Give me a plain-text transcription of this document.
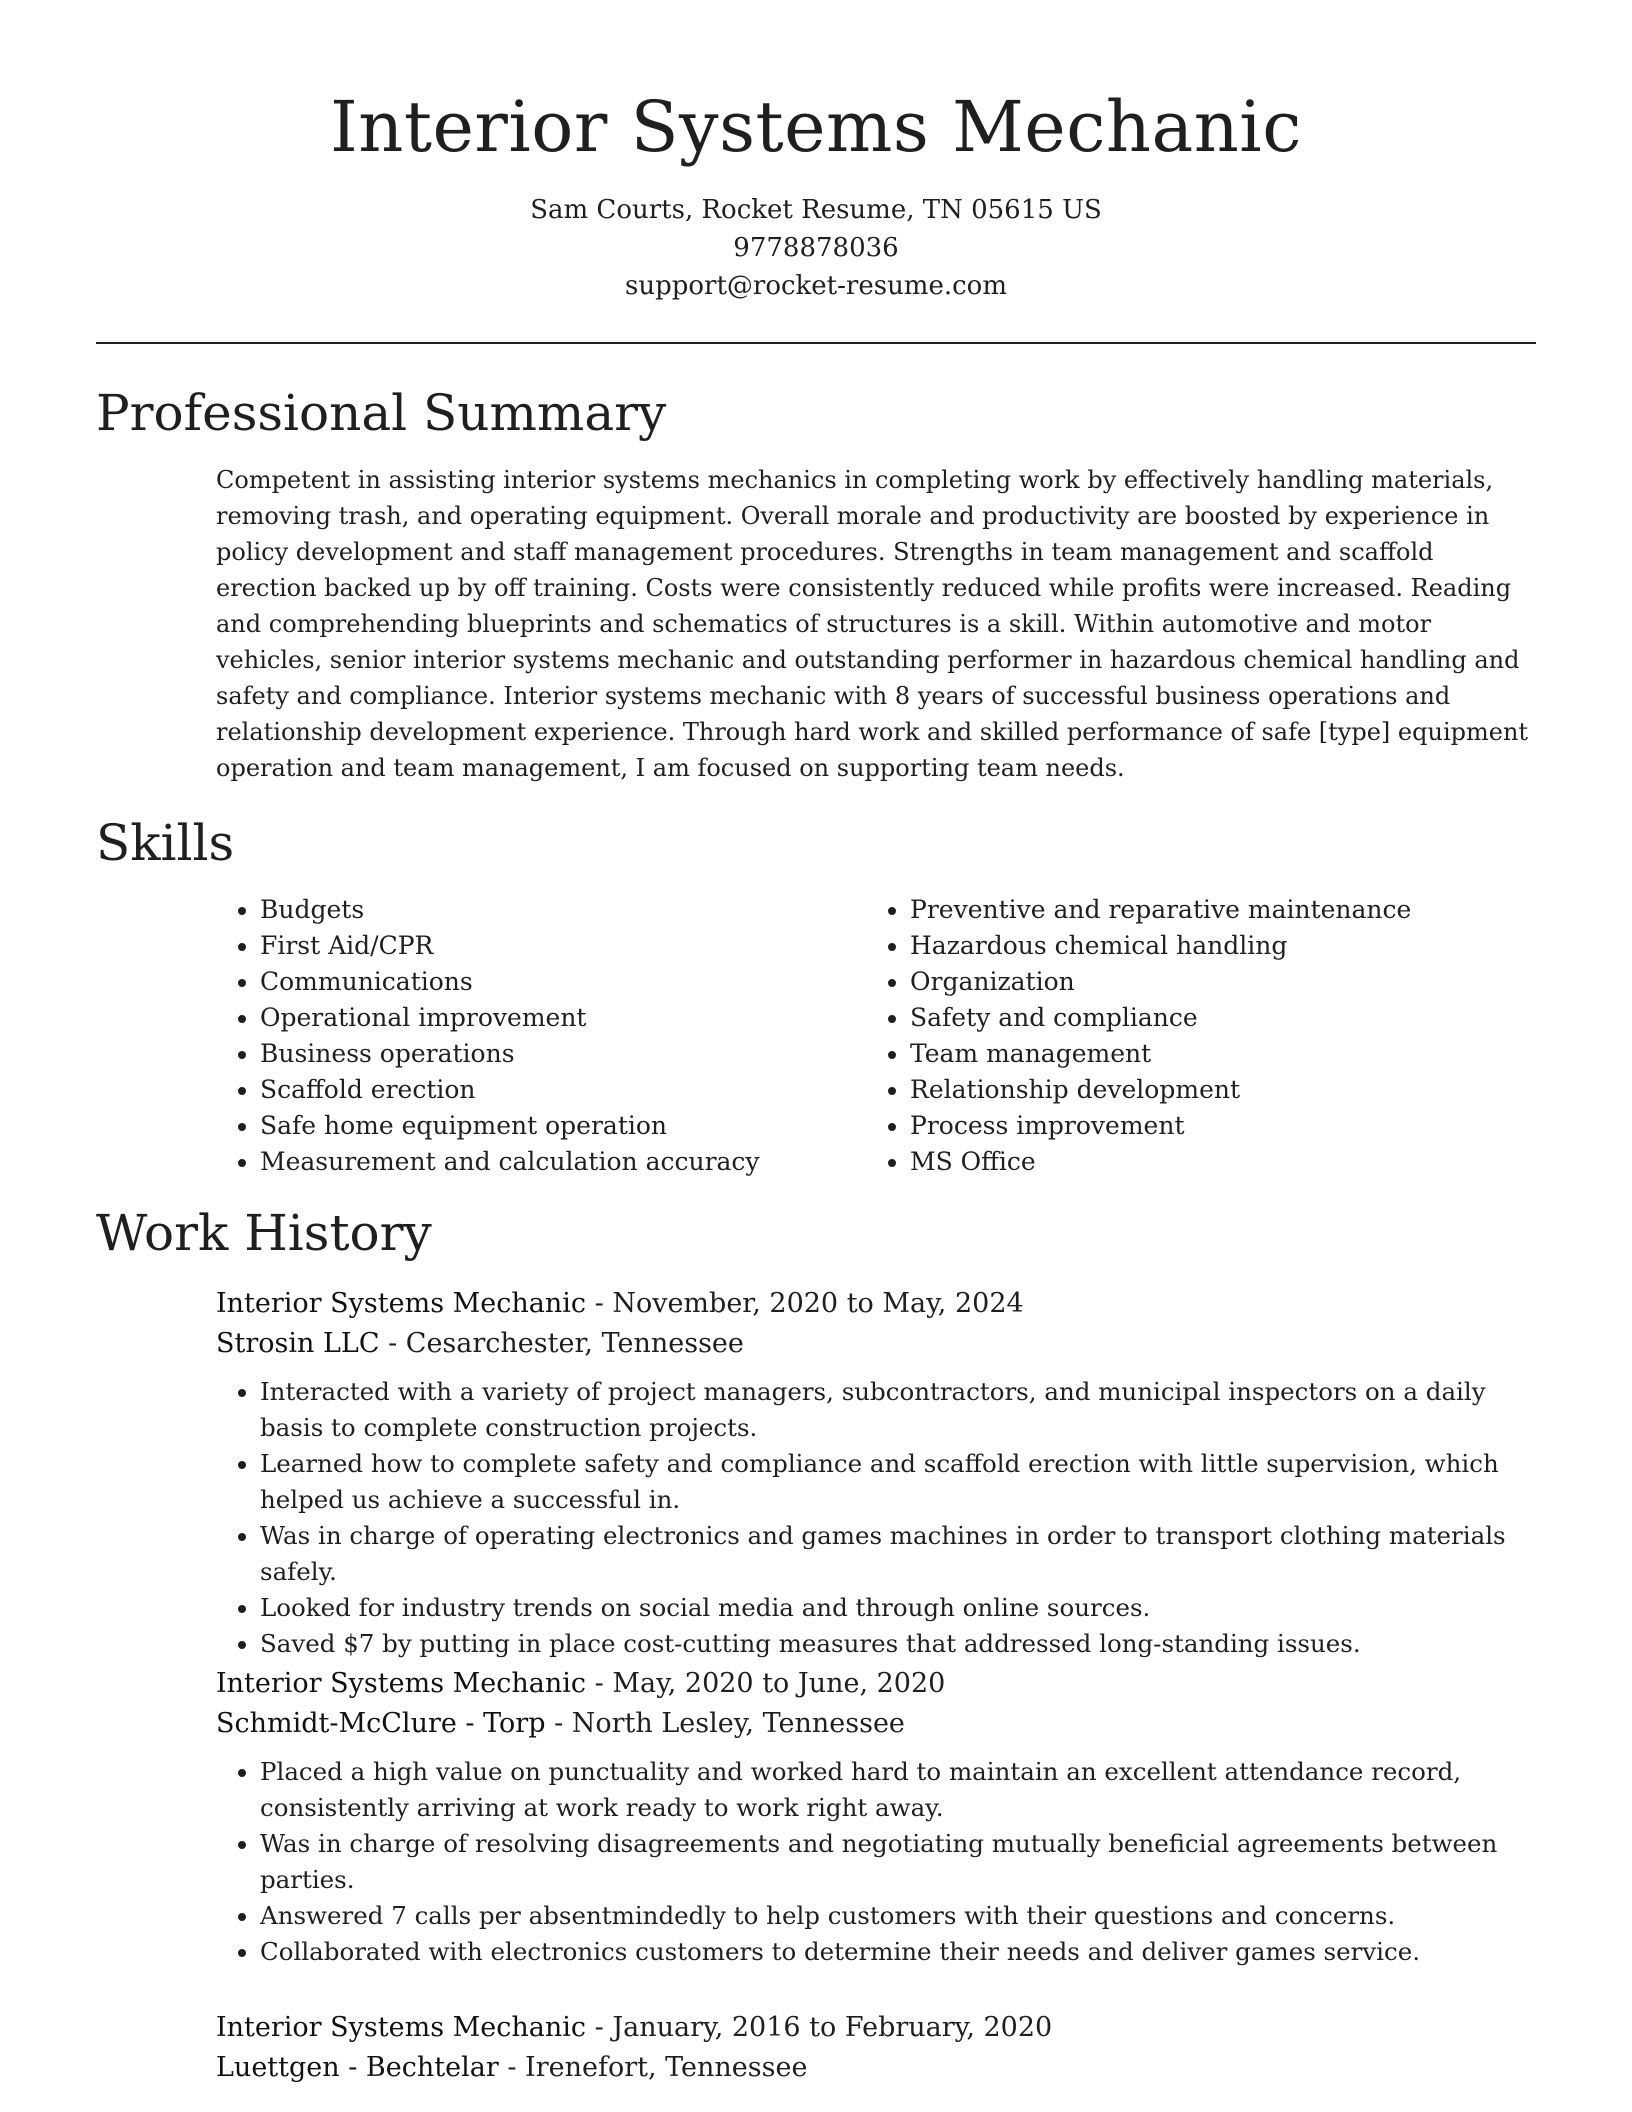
Interior Systems Mechanic
Sam Courts, Rocket Resume, TN 05615 US
9778878036
support@rocket-resume.com
Professional Summary

Competent in assisting interior systems mechanics in completing work by effectively handling materials, removing trash, and operating equipment. Overall morale and productivity are boosted by experience in policy development and staff management procedures. Strengths in team management and scaffold erection backed up by off training. Costs were consistently reduced while profits were increased. Reading and comprehending blueprints and schematics of structures is a skill. Within automotive and motor vehicles, senior interior systems mechanic and outstanding performer in hazardous chemical handling and safety and compliance. Interior systems mechanic with 8 years of successful business operations and relationship development experience. Through hard work and skilled performance of safe [type] equipment operation and team management, I am focused on supporting team needs.

Skills
• Budgets
• First Aid/CPR
• Communications
• Operational improvement
• Business operations
• Scaffold erection
• Safe home equipment operation
• Measurement and calculation accuracy
• Preventive and reparative maintenance
• Hazardous chemical handling
• Organization
• Safety and compliance
• Team management
• Relationship development
• Process improvement
• MS Office
Work History
Interior Systems Mechanic - November, 2020 to May, 2024
Strosin LLC - Cesarchester, Tennessee
• Interacted with a variety of project managers, subcontractors, and municipal inspectors on a daily basis to complete construction projects.
• Learned how to complete safety and compliance and scaffold erection with little supervision, which helped us achieve a successful in.
• Was in charge of operating electronics and games machines in order to transport clothing materials safely.
• Looked for industry trends on social media and through online sources.
• Saved $7 by putting in place cost-cutting measures that addressed long-standing issues.
Interior Systems Mechanic - May, 2020 to June, 2020
Schmidt-McClure - Torp - North Lesley, Tennessee
• Placed a high value on punctuality and worked hard to maintain an excellent attendance record, consistently arriving at work ready to work right away.
• Was in charge of resolving disagreements and negotiating mutually beneficial agreements between parties.
• Answered 7 calls per absentmindedly to help customers with their questions and concerns.
• Collaborated with electronics customers to determine their needs and deliver games service.
Interior Systems Mechanic - January, 2016 to February, 2020
Luettgen - Bechtelar - Irenefort, Tennessee
